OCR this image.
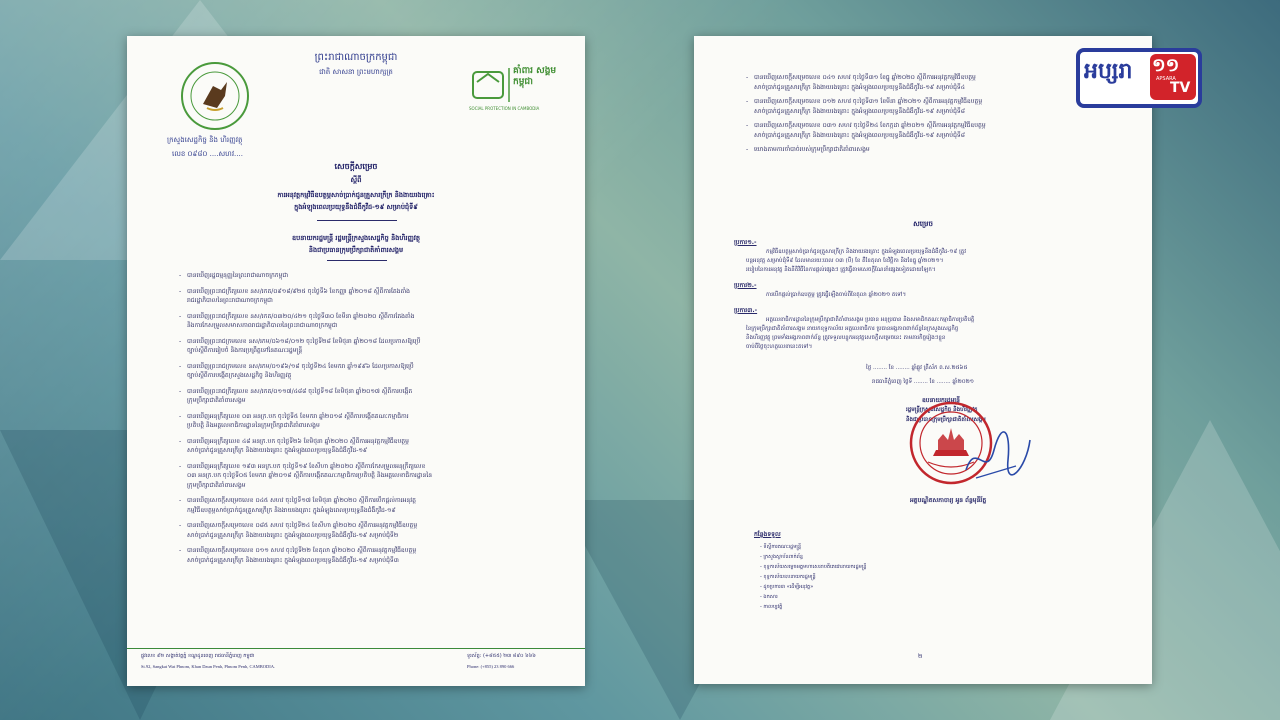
ក្រសួងសេដ្ឋកិច្ច និង ហិរញ្ញវត្ថុ
លេខ ០៩៨០ ....សហវ....
ព្រះរាជាណាចក្រកម្ពុជា
ជាតិ សាសនា ព្រះមហាក្សត្រ	គាំពារ សង្គម កម្ពុជា
SOCIAL PROTECTION IN CAMBODIA
សេចក្ដីសម្រេច
ស្ដីពី
ការអនុវត្តកម្មវិធីឧបត្ថម្ភសាច់ប្រាក់ជូនគ្រួសារក្រីក្រ និងងាយរងគ្រោះ
ក្នុងអំឡុងពេលប្រយុទ្ធនឹងជំងឺកូវីដ-១៩ សម្រាប់ជុំទី៩
ឧបនាយករដ្ឋមន្ត្រី រដ្ឋមន្ត្រីក្រសួងសេដ្ឋកិច្ច និងហិរញ្ញវត្ថុ
និងជាប្រធានក្រុមប្រឹក្សាជាតិគាំពារសង្គម
- បានឃើញរដ្ឋធម្មនុញ្ញនៃព្រះរាជាណាចក្រកម្ពុជា
- បានឃើញព្រះរាជក្រឹត្យលេខ នស/រកត/០៩១៨/៩២៥ ចុះថ្ងៃទី៦ ខែកញ្ញា ឆ្នាំ២០១៨ ស្ដីពីការតែងតាំង
រាជរដ្ឋាភិបាលនៃព្រះរាជាណាចក្រកម្ពុជា
- បានឃើញព្រះរាជក្រឹត្យលេខ នស/រកត/០៣២០/៤២១ ចុះថ្ងៃទី៣០ ខែមីនា ឆ្នាំ២០២០ ស្ដីពីការតែងតាំង
និងការកែសម្រួលសមាសភាពរាជរដ្ឋាភិបាលនៃព្រះរាជាណាចក្រកម្ពុជា
- បានឃើញព្រះរាជក្រមលេខ នស/រកម/០៦១៨/០១២ ចុះថ្ងៃទី២៨ ខែមិថុនា ឆ្នាំ២០១៨ ដែលប្រកាសឱ្យប្រើ
ច្បាប់ស្ដីពីការរៀបចំ និងការប្រព្រឹត្តទៅនៃគណៈរដ្ឋមន្ត្រី
- បានឃើញព្រះរាជក្រមលេខ នស/រកម/០១៩៦/១៨ ចុះថ្ងៃទី២៤ ខែមករា ឆ្នាំ១៩៩៦ ដែលប្រកាសឱ្យប្រើ
ច្បាប់ស្ដីពីការបង្កើតក្រសួងសេដ្ឋកិច្ច និងហិរញ្ញវត្ថុ
- បានឃើញព្រះរាជក្រឹត្យលេខ នស/រកត/០១១៧/៤៨៨ ចុះថ្ងៃទី១៨ ខែមិថុនា ឆ្នាំ២០១៧ ស្ដីពីការបង្កើត
ក្រុមប្រឹក្សាជាតិគាំពារសង្គម
- បានឃើញអនុក្រឹត្យលេខ ០៣ អនក្រ.បក ចុះថ្ងៃទី៥ ខែមករា ឆ្នាំ២០១៨ ស្ដីពីការបង្កើតគណៈកម្មាធិការ
ប្រតិបត្តិ និងអគ្គលេខាធិការដ្ឋាននៃក្រុមប្រឹក្សាជាតិគាំពារសង្គម
- បានឃើញអនុក្រឹត្យលេខ ៤៨ អនក្រ.បក ចុះថ្ងៃទី២៦ ខែមិថុនា ឆ្នាំ២០២០ ស្ដីពីការអនុវត្តកម្មវិធីឧបត្ថម្ភ
សាច់ប្រាក់ជូនគ្រួសារក្រីក្រ និងងាយរងគ្រោះ ក្នុងអំឡុងពេលប្រយុទ្ធនឹងជំងឺកូវីដ-១៩
- បានឃើញអនុក្រឹត្យលេខ ១៩៣ អនក្រ.បក ចុះថ្ងៃទី១៩ ខែសីហា ឆ្នាំ២០២០ ស្ដីពីការកែសម្រួលអនុក្រឹត្យលេខ
០៣ អនក្រ.បក ចុះថ្ងៃទី០៥ ខែមករា ឆ្នាំ២០១៨ ស្ដីពីការបង្កើតគណៈកម្មាធិការប្រតិបត្តិ និងអគ្គលេខាធិការដ្ឋាននៃ
ក្រុមប្រឹក្សាជាតិគាំពារសង្គម
- បានឃើញសេចក្ដីសម្រេចលេខ ០៤៥ សហវ ចុះថ្ងៃទី១៧ ខែមិថុនា ឆ្នាំ២០២០ ស្ដីពីការបើកផ្ដល់ការអនុវត្ត
កម្មវិធីឧបត្ថម្ភសាច់ប្រាក់ជូនគ្រួសារក្រីក្រ និងងាយរងគ្រោះ ក្នុងអំឡុងពេលប្រយុទ្ធនឹងជំងឺកូវីដ-១៩
- បានឃើញសេចក្ដីសម្រេចលេខ ០៨៥ សហវ ចុះថ្ងៃទី២៤ ខែសីហា ឆ្នាំ២០២០ ស្ដីពីការអនុវត្តកម្មវិធីឧបត្ថម្ភ
សាច់ប្រាក់ជូនគ្រួសារក្រីក្រ និងងាយរងគ្រោះ ក្នុងអំឡុងពេលប្រយុទ្ធនឹងជំងឺកូវីដ-១៩ សម្រាប់ជុំទី២
- បានឃើញសេចក្ដីសម្រេចលេខ ០១១ សហវ ចុះថ្ងៃទី២២ ខែតុលា ឆ្នាំ២០២០ ស្ដីពីការអនុវត្តកម្មវិធីឧបត្ថម្ភ
សាច់ប្រាក់ជូនគ្រួសារក្រីក្រ និងងាយរងគ្រោះ ក្នុងអំឡុងពេលប្រយុទ្ធនឹងជំងឺកូវីដ-១៩ សម្រាប់ជុំទី៣
ផ្លូវលេខ ៩២ សង្កាត់វត្តភ្នំ ខណ្ឌដូនពេញ រាជធានីភ្នំពេញ កម្ពុជា
St.92, Sangkat Wat Phnom, Khan Daun Penh, Phnom Penh, CAMBODIA.
ទូរស័ព្ទ: (+៨៥៥) ២៣ ៨៩០ ៦៦៦
Phone: (+855) 23 890 666
- បានឃើញសេចក្ដីសម្រេចលេខ ០៤១ សហវ ចុះថ្ងៃទី៣១ ខែធ្នូ ឆ្នាំ២០២០ ស្ដីពីការអនុវត្តកម្មវិធីឧបត្ថម្ភ
សាច់ប្រាក់ជូនគ្រួសារក្រីក្រ និងងាយរងគ្រោះ ក្នុងអំឡុងពេលប្រយុទ្ធនឹងជំងឺកូវីដ-១៩ សម្រាប់ជុំទី៤
- បានឃើញសេចក្ដីសម្រេចលេខ ០១២ សហវ ចុះថ្ងៃទី៣១ ខែមីនា ឆ្នាំ២០២១ ស្ដីពីការអនុវត្តកម្មវិធីឧបត្ថម្ភ
សាច់ប្រាក់ជូនគ្រួសារក្រីក្រ និងងាយរងគ្រោះ ក្នុងអំឡុងពេលប្រយុទ្ធនឹងជំងឺកូវីដ-១៩ សម្រាប់ជុំទី៨
- បានឃើញសេចក្ដីសម្រេចលេខ ០៣១ សហវ ចុះថ្ងៃទី២៤ ខែកក្កដា ឆ្នាំ២០២១ ស្ដីពីការអនុវត្តកម្មវិធីឧបត្ថម្ភ
សាច់ប្រាក់ជូនគ្រួសារក្រីក្រ និងងាយរងគ្រោះ ក្នុងអំឡុងពេលប្រយុទ្ធនឹងជំងឺកូវីដ-១៩ សម្រាប់ជុំទី៨
- យោងតាមការចាំបាច់របស់ក្រុមប្រឹក្សាជាតិគាំពារសង្គម
សម្រេច
ប្រការ១.-
កម្មវិធីឧបត្ថម្ភសាច់ប្រាក់ជូនគ្រួសារក្រីក្រ និងងាយរងគ្រោះ ក្នុងអំឡុងពេលប្រយុទ្ធនឹងជំងឺកូវីដ-១៩ ត្រូវ
បន្តអនុវត្ត សម្រាប់ជុំទី៩ ដែលមានរយៈពេល ០៣ (បី) ខែ គឺខែតុលា ខែវិច្ឆិកា និងខែធ្នូ ឆ្នាំ២០២១។
របៀបនៃការអនុវត្ត និងនីតិវិធីនៃការផ្ដល់ផ្សេងៗ ត្រូវធ្វើតាមសេចក្ដីណែនាំផ្សេងទៀតដោយឡែក។
ប្រការ២.-
ការបើកផ្ដល់ប្រាក់ឧបត្ថម្ភ ត្រូវធ្វើឡើងចាប់ពីខែតុលា ឆ្នាំ២០២១ តទៅ។
ប្រការ៣.-
អគ្គលេខាធិការដ្ឋាននៃក្រុមប្រឹក្សាជាតិគាំពារសង្គម ប្រធាន អនុប្រធាន និងសមាជិកគណៈកម្មាធិការប្រតិបត្តិ
នៃក្រុមប្រឹក្សាជាតិគាំពារសង្គម នាយកខុទ្ទកាល័យ អគ្គលេខាធិការ ប្រធានអង្គភាពពាក់ព័ន្ធនៃក្រសួងសេដ្ឋកិច្ច
និងហិរញ្ញវត្ថុ ព្រមទាំងអង្គភាពពាក់ព័ន្ធ ត្រូវទទួលបន្ទុកអនុវត្តសេចក្ដីសម្រេចនេះ តាមភារកិច្ចរៀងៗខ្លួន
ចាប់ពីថ្ងៃចុះហត្ថលេខានេះតទៅ។
ថ្ងៃ ........ ខែ ........ ឆ្នាំឆ្លូវ ត្រីស័ក ព.ស.២៥៦៥
រាជធានីភ្នំពេញ ថ្ងៃទី ........ ខែ ........ ឆ្នាំ២០២១
ឧបនាយករដ្ឋមន្ត្រី
រដ្ឋមន្ត្រីក្រសួងសេដ្ឋកិច្ច និងហិរញ្ញវត្ថុ
និងជាប្រធានក្រុមប្រឹក្សាជាតិគាំពារសង្គម
អគ្គបណ្ឌិតសភាចារ្យ អូន ព័ន្ធមុនីរ័ត្ន
កន្លែងទទួល
- ទីស្ដីការគណៈរដ្ឋមន្ត្រី
- ក្រសួងស្ថាប័នពាក់ព័ន្ធ
- ខុទ្ទកាល័យសម្ដេចអគ្គមហាសេនាបតីតេជោនាយករដ្ឋមន្ត្រី
- ខុទ្ទកាល័យឧបនាយករដ្ឋមន្ត្រី
- ដូចប្រការ៣ «ដើម្បីអនុវត្ត»
- ឯកសារ
- កាលប្បវត្តិ
២
អប្សរា ១១
APSARA
TV
